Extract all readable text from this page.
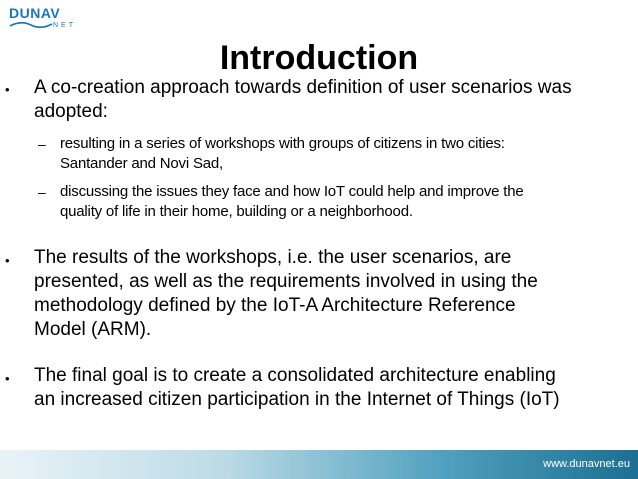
DUNAV
NET
Introduction
• A co-creation approach towards definition of user scenarios was
adopted:

– resulting in a series of workshops with groups of citizens in two cities:
Santander and Novi Sad,

– discussing the issues they face and how IoT could help and improve the
quality of life in their home, building or a neighborhood.

• The results of the workshops, i.e. the user scenarios, are
presented, as well as the requirements involved in using the
methodology defined by the IoT-A Architecture Reference
Model (ARM).

• The final goal is to create a consolidated architecture enabling
an increased citizen participation in the Internet of Things (IoT)

www.dunavnet.eu
